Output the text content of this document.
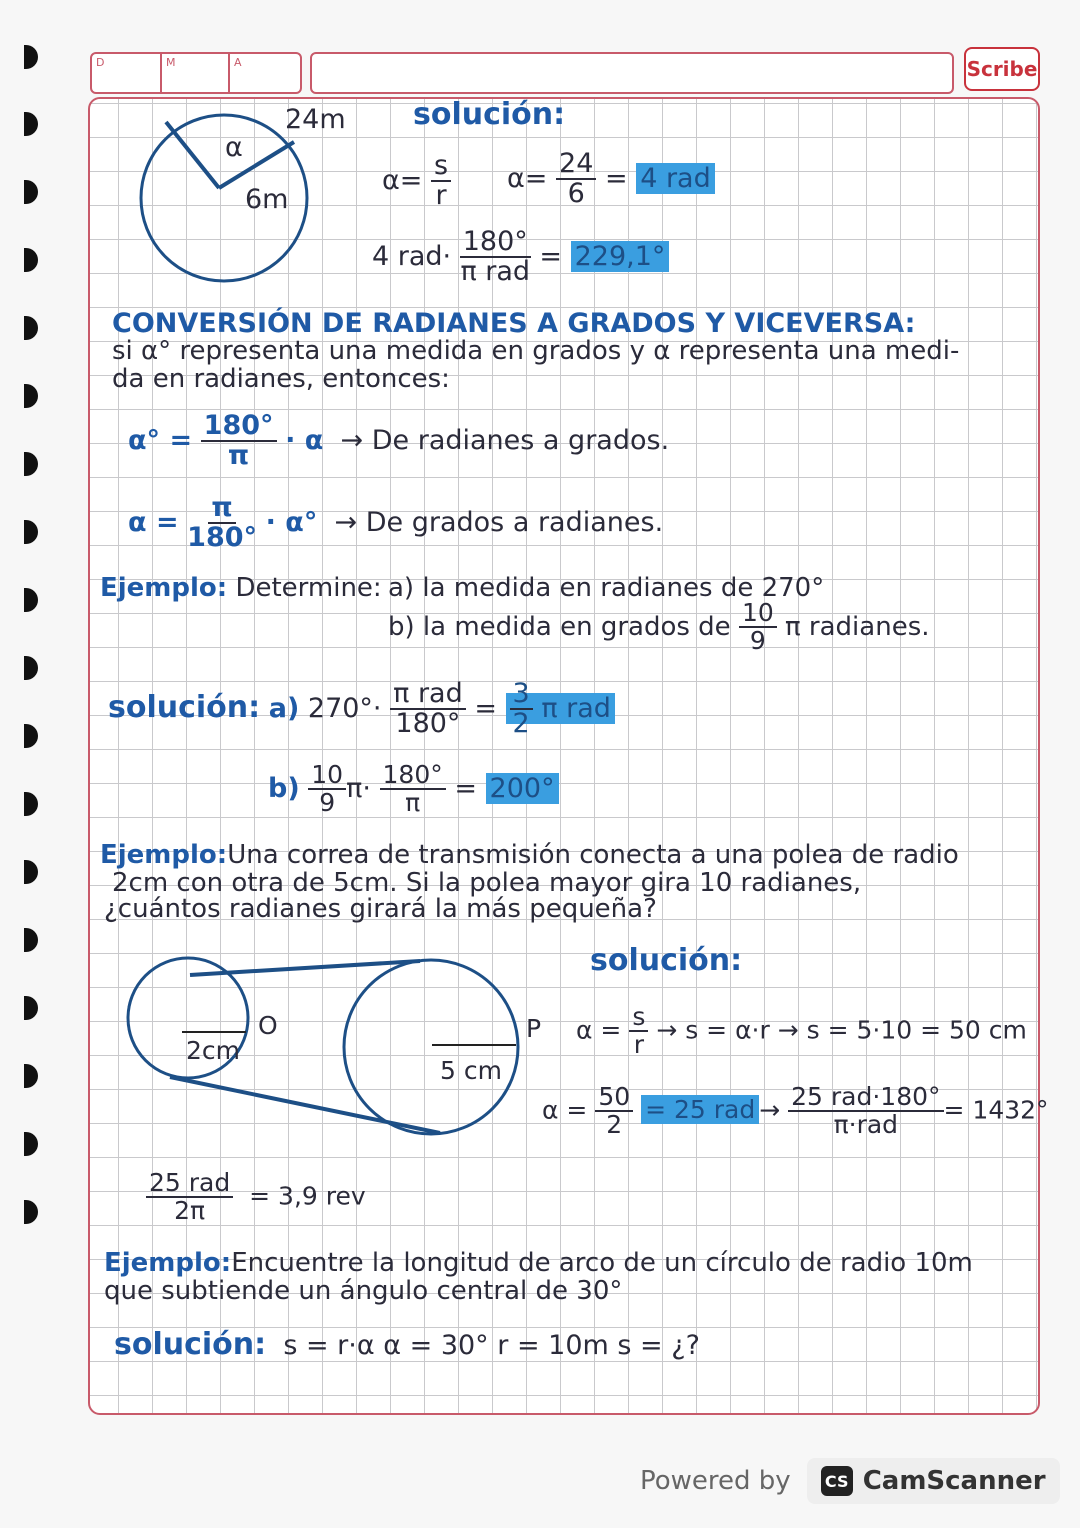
D	M	A	Scribe
24m
α
6m
solución:
$\alpha= \frac{s}{r} \alpha= \frac{24}{6} = 4$ rad
4 $rad\cdot \frac{180^\circ}{\text{π rad}} = 229,1^\circ$
CONVERSIÓN DE RADIANES A GRADOS Y VICEVERSA:
si α° representa una medida en grados y α representa una medi-
da en radianes, entonces:
$\alpha^\circ = \frac{180^\circ}{\pi} \cdot \alpha \to De$ radianes a grados.
$\alpha = \frac{\pi}{180^\circ} \cdot \alpha^\circ \to De$ grados a radianes.
Ejemplo: Determine: a) la medida en radianes de 270°
b) la medida en grados de $\frac{10}{9}$ π radianes.
solución: a) $270^\circ\cdot \frac{\text{π rad}}{180^\circ} = \frac{3}{2}$ π rad
$b) \frac{10}{9} \pi\cdot \frac{180^\circ}{\pi} = 200^\circ$
Ejemplo:Una correa de transmisión conecta a una polea de radio
2cm con otra de 5cm. Si la polea mayor gira 10 radianes,
¿cuántos radianes girará la más pequeña?
solución:
2cm
O
5 cm
P $\alpha = \frac{s}{r} \to s = \alpha\cdot r \to s = 5\cdot 10 = 50$ cm
$\alpha = \frac{50}{2} = 25$ rad → $\frac{\text{25 rad·180°}}{\text{π·rad}} = 1432^\circ$
$\frac{\text{25 rad}}{2\pi} = 3,9$ rev
Ejemplo:Encuentre la longitud de arco de un círculo de radio 10m
que subtiende un ángulo central de 30°
solución: s = r·α α = 30° r = 10m s = ¿?
Powered by CS CamScanner
